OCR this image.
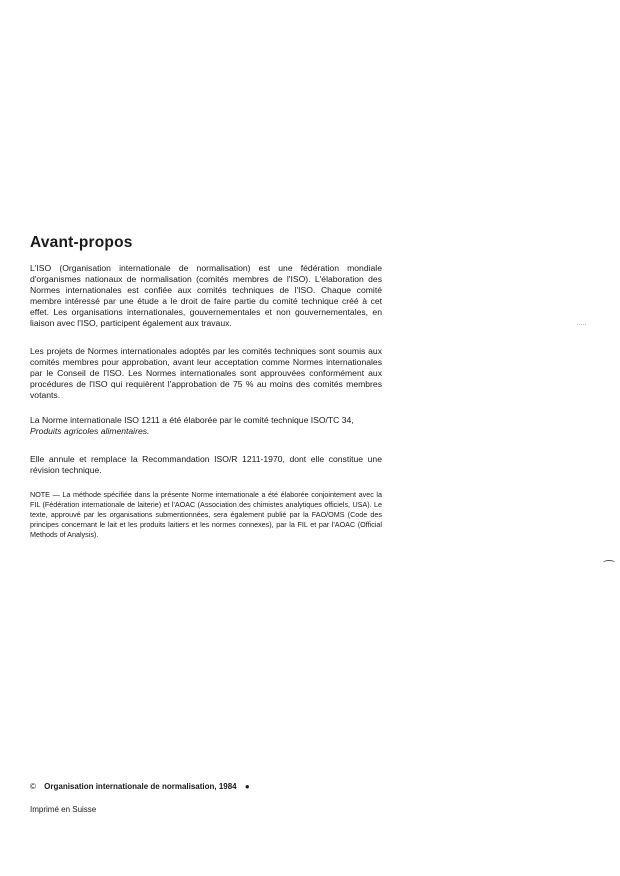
Avant-propos

L'ISO (Organisation internationale de normalisation) est une fédération mondiale d'organismes nationaux de normalisation (comités membres de l'ISO). L'élaboration des Normes internationales est confiée aux comités techniques de l'ISO. Chaque comité membre intéressé par une étude a le droit de faire partie du comité technique créé à cet effet. Les organisations internationales, gouvernementales et non gouvernementales, en liaison avec l'ISO, participent également aux travaux.

Les projets de Normes internationales adoptés par les comités techniques sont soumis aux comités membres pour approbation, avant leur acceptation comme Normes internationales par le Conseil de l'ISO. Les Normes internationales sont approuvées conformément aux procédures de l'ISO qui requièrent l'approbation de 75 % au moins des comités membres votants.

La Norme internationale ISO 1211 a été élaborée par le comité technique ISO/TC 34,
Produits agricoles alimentaires.

Elle annule et remplace la Recommandation ISO/R 1211-1970, dont elle constitue une révision technique.

NOTE — La méthode spécifiée dans la présente Norme internationale a été élaborée conjointement avec la FIL (Fédération internationale de laiterie) et l'AOAC (Association des chimistes analytiques officiels, USA). Le texte, approuvé par les organisations submentionnées, sera également publié par la FAO/OMS (Code des principes concernant le lait et les produits laitiers et les normes connexes), par la FIL et par l'AOAC (Official Methods of Analysis).

© Organisation internationale de normalisation, 1984 ●
Imprimé en Suisse
